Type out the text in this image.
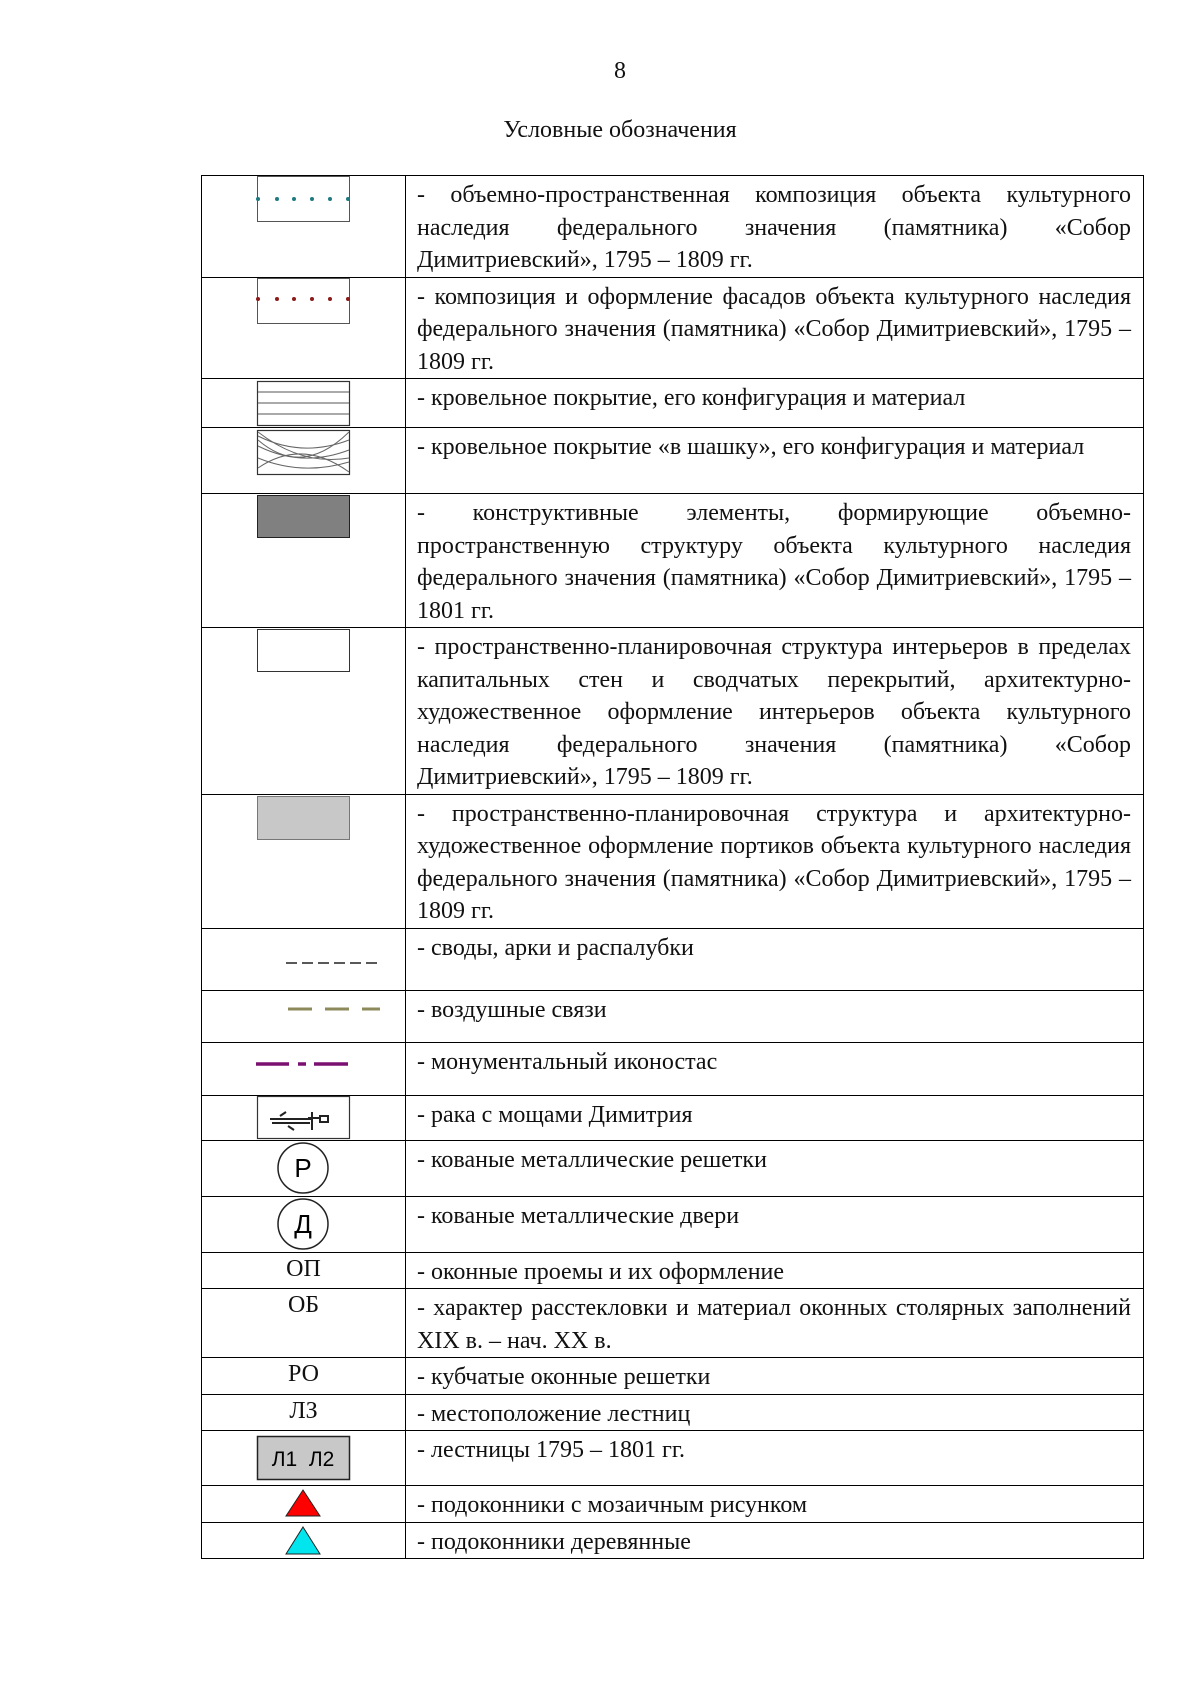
8
Условные обозначения
	- объемно-пространственная композиция объекта культурного наследия федерального значения (памятника) «Собор Димитриевский», 1795 – 1809 гг.

	- композиция и оформление фасадов объекта культурного наследия федерального значения (памятника) «Собор Димитриевский», 1795 – 1809 гг.

	- кровельное покрытие, его конфигурация и материал

	- кровельное покрытие «в шашку», его конфигурация и материал

	- конструктивные элементы, формирующие объемно-пространственную структуру объекта культурного наследия федерального значения (памятника) «Собор Димитриевский», 1795 – 1801 гг.

	- пространственно-планировочная структура интерьеров в пределах капитальных стен и сводчатых перекрытий, архитектурно-художественное оформление интерьеров объекта культурного наследия федерального значения (памятника) «Собор Димитриевский», 1795 – 1809 гг.

	- пространственно-планировочная структура и архитектурно-художественное оформление портиков объекта культурного наследия федерального значения (памятника) «Собор Димитриевский», 1795 – 1809 гг.

	- своды, арки и распалубки

	- воздушные связи

	- монументальный иконостас

	- рака с мощами Димитрия

Р	- кованые металлические решетки

Д	- кованые металлические двери
ОП	- оконные проемы и их оформление
ОБ	- характер расстекловки и материал оконных столярных заполнений XIX в. – нач. XX в.
РО	- кубчатые оконные решетки
ЛЗ	- местоположение лестниц

Л1  Л2	- лестницы 1795 – 1801 гг.

	- подоконники с мозаичным рисунком

	- подоконники деревянные
